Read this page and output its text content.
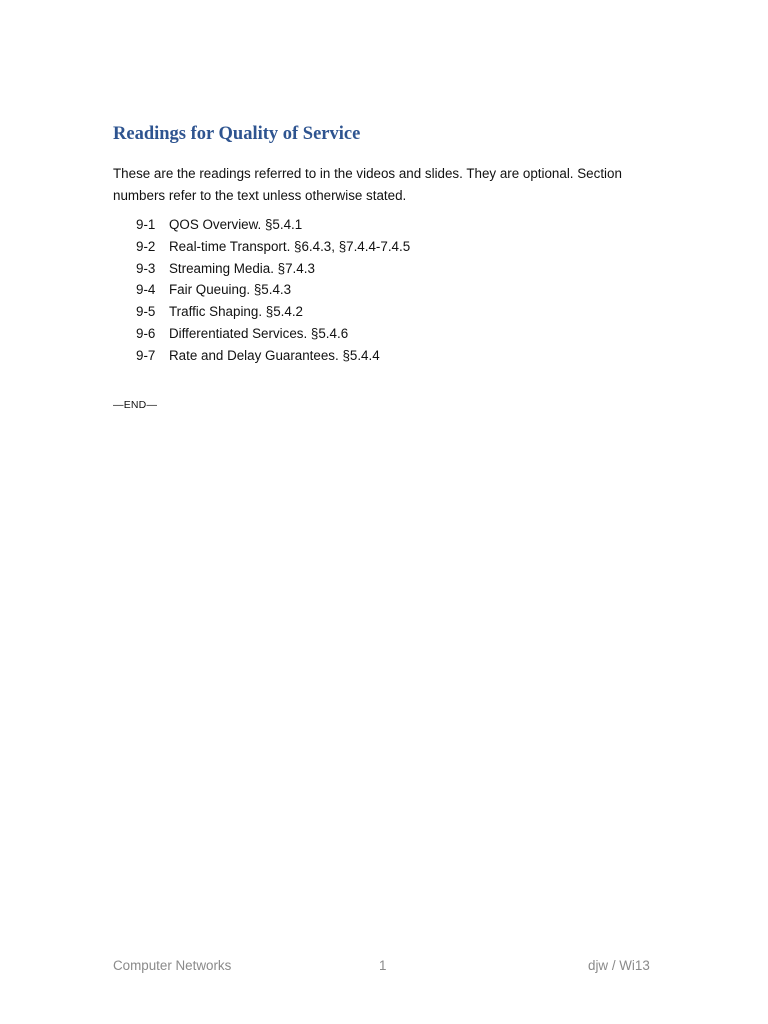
Readings for Quality of Service

These are the readings referred to in the videos and slides. They are optional. Section numbers refer to the text unless otherwise stated.

9-1 QOS Overview. §5.4.1
9-2 Real-time Transport. §6.4.3, §7.4.4-7.4.5
9-3 Streaming Media. §7.4.3
9-4 Fair Queuing. §5.4.3
9-5 Traffic Shaping. §5.4.2
9-6 Differentiated Services. §5.4.6
9-7 Rate and Delay Guarantees. §5.4.4
—END—
Computer Networks	1	djw / Wi13
